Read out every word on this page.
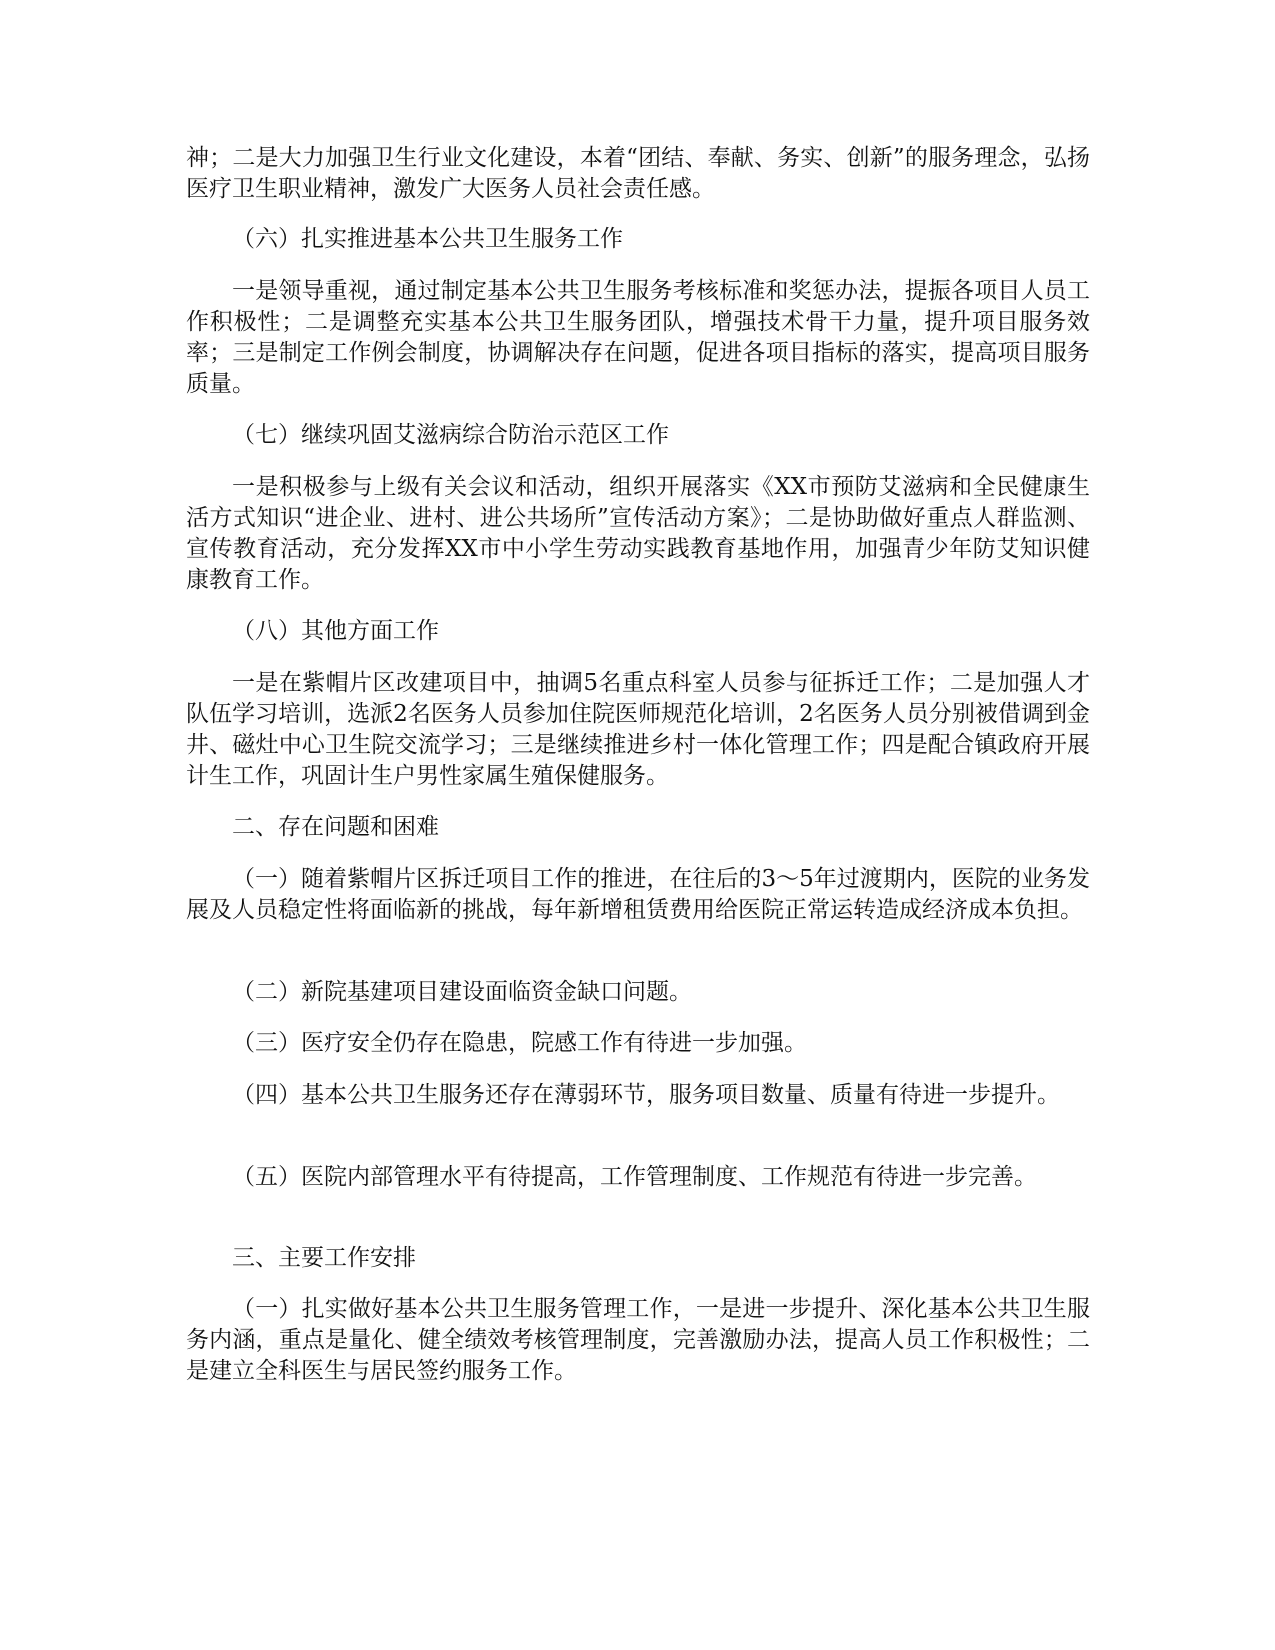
神；二是大力加强卫生行业文化建设，本着“团结、奉献、务实、创新”的服务理念，弘扬医疗卫生职业精神，激发广大医务人员社会责任感。

（六）扎实推进基本公共卫生服务工作

一是领导重视，通过制定基本公共卫生服务考核标准和奖惩办法，提振各项目人员工作积极性；二是调整充实基本公共卫生服务团队，增强技术骨干力量，提升项目服务效率；三是制定工作例会制度，协调解决存在问题，促进各项目指标的落实，提高项目服务质量。

（七）继续巩固艾滋病综合防治示范区工作

一是积极参与上级有关会议和活动，组织开展落实《XX市预防艾滋病和全民健康生活方式知识“进企业、进村、进公共场所”宣传活动方案》；二是协助做好重点人群监测、宣传教育活动，充分发挥XX市中小学生劳动实践教育基地作用，加强青少年防艾知识健康教育工作。

（八）其他方面工作

一是在紫帽片区改建项目中，抽调5名重点科室人员参与征拆迁工作；二是加强人才队伍学习培训，选派2名医务人员参加住院医师规范化培训，2名医务人员分别被借调到金井、磁灶中心卫生院交流学习；三是继续推进乡村一体化管理工作；四是配合镇政府开展计生工作，巩固计生户男性家属生殖保健服务。

二、存在问题和困难

（一）随着紫帽片区拆迁项目工作的推进，在往后的3～5年过渡期内，医院的业务发展及人员稳定性将面临新的挑战，每年新增租赁费用给医院正常运转造成经济成本负担。

（二）新院基建项目建设面临资金缺口问题。

（三）医疗安全仍存在隐患，院感工作有待进一步加强。

（四）基本公共卫生服务还存在薄弱环节，服务项目数量、质量有待进一步提升。

（五）医院内部管理水平有待提高，工作管理制度、工作规范有待进一步完善。

三、主要工作安排

（一）扎实做好基本公共卫生服务管理工作，一是进一步提升、深化基本公共卫生服务内涵，重点是量化、健全绩效考核管理制度，完善激励办法，提高人员工作积极性；二是建立全科医生与居民签约服务工作。
